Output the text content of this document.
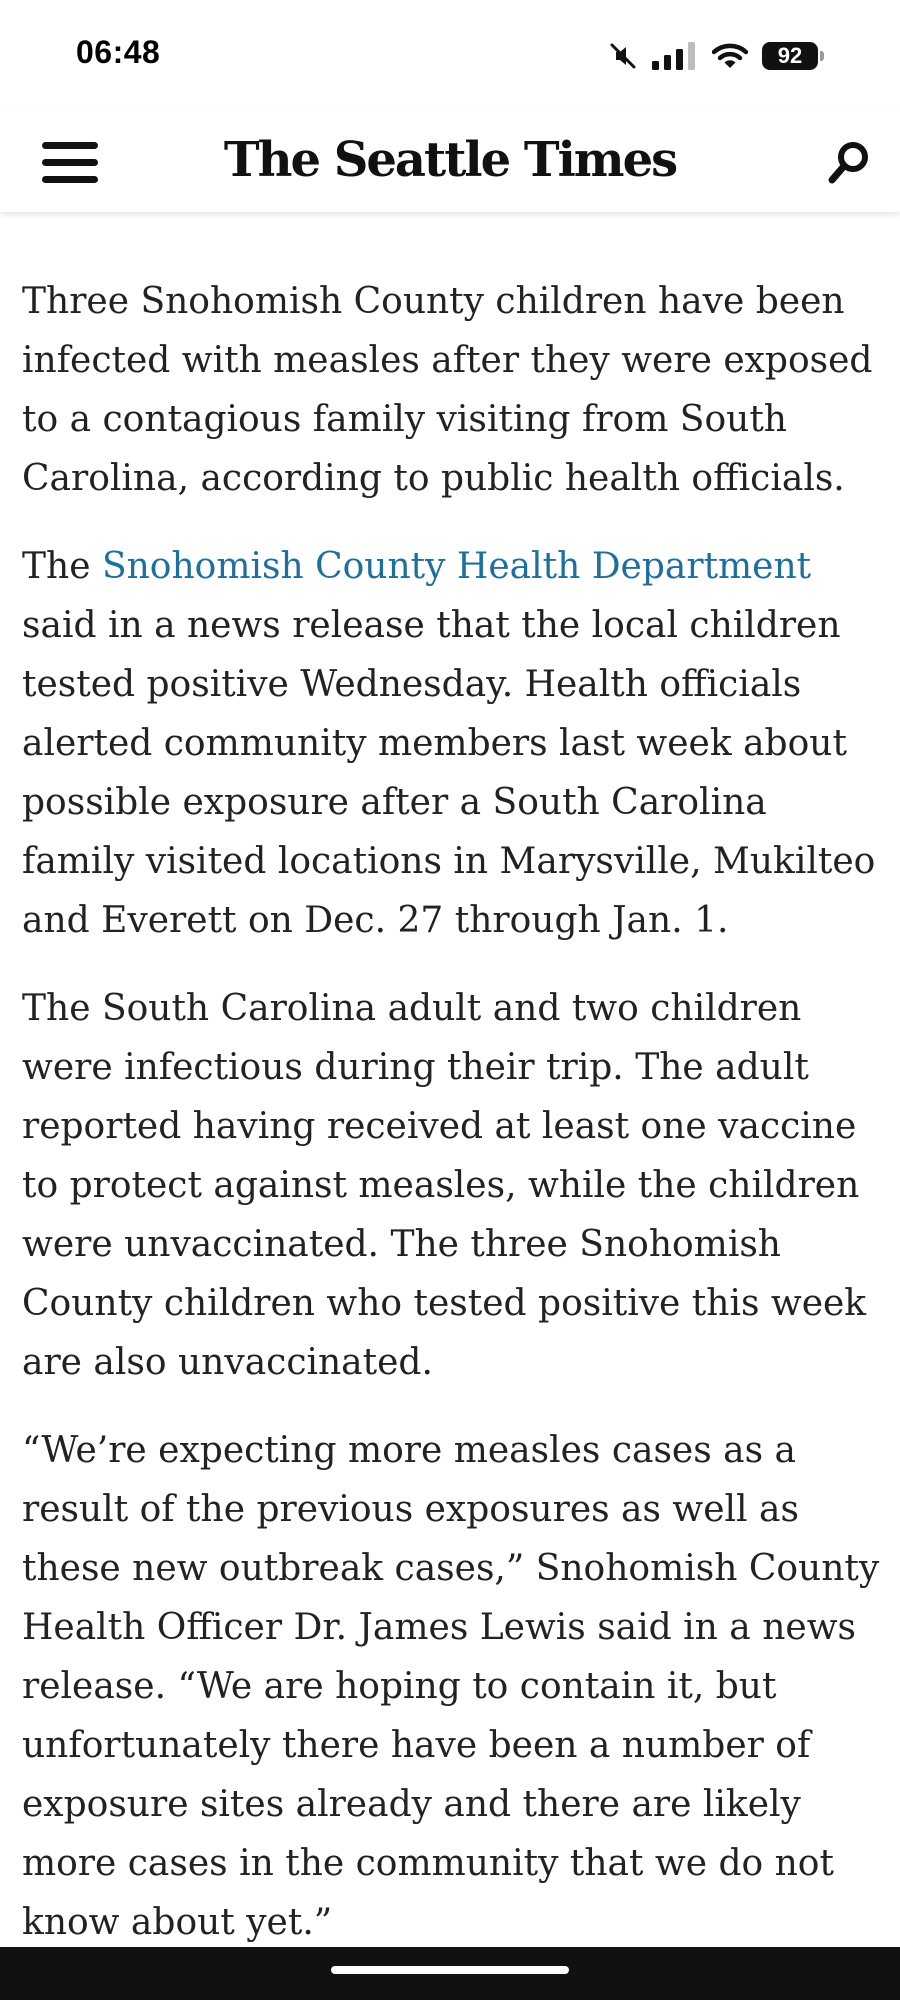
06:48	92
The Seattle Times

Three Snohomish County children have been infected with measles after they were exposed to a contagious family visiting from South Carolina, according to public health officials.

The Snohomish County Health Department said in a news release that the local children tested positive Wednesday. Health officials alerted community members last week about possible exposure after a South Carolina family visited locations in Marysville, Mukilteo and Everett on Dec. 27 through Jan. 1.

The South Carolina adult and two children were infectious during their trip. The adult reported having received at least one vaccine to protect against measles, while the children were unvaccinated. The three Snohomish County children who tested positive this week are also unvaccinated.

“We’re expecting more measles cases as a result of the previous exposures as well as these new outbreak cases,” Snohomish County Health Officer Dr. James Lewis said in a news release. “We are hoping to contain it, but unfortunately there have been a number of exposure sites already and there are likely more cases in the community that we do not know about yet.”
